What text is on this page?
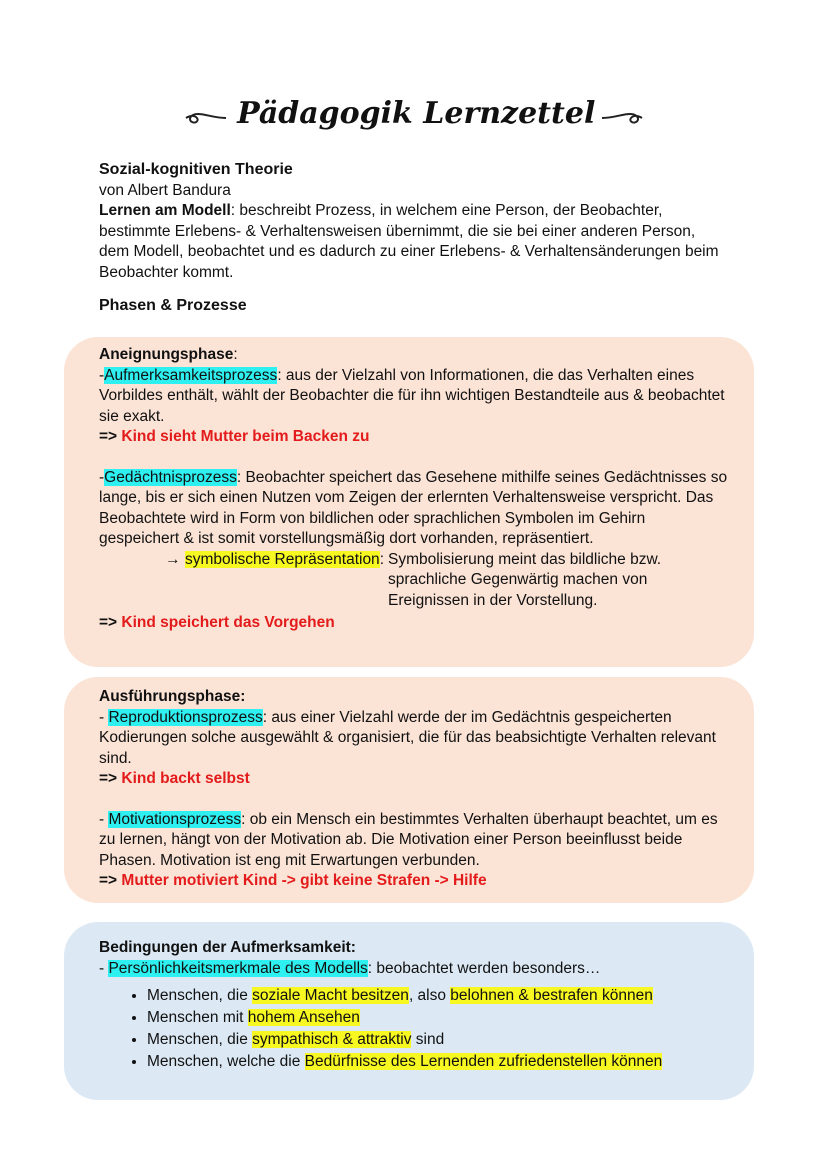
Pädagogik Lernzettel

Sozial-kognitiven Theorie

von Albert Bandura

Lernen am Modell: beschreibt Prozess, in welchem eine Person, der Beobachter, bestimmte Erlebens- & Verhaltensweisen übernimmt, die sie bei einer anderen Person, dem Modell, beobachtet und es dadurch zu einer Erlebens- & Verhaltensänderungen beim Beobachter kommt.

Phasen & Prozesse

Aneignungsphase:

-Aufmerksamkeitsprozess: aus der Vielzahl von Informationen, die das Verhalten eines Vorbildes enthält, wählt der Beobachter die für ihn wichtigen Bestandteile aus & beobachtet sie exakt.

=> Kind sieht Mutter beim Backen zu

-Gedächtnisprozess: Beobachter speichert das Gesehene mithilfe seines Gedächtnisses so lange, bis er sich einen Nutzen vom Zeigen der erlernten Verhaltensweise verspricht. Das Beobachtete wird in Form von bildlichen oder sprachlichen Symbolen im Gehirn gespeichert & ist somit vorstellungsmäßig dort vorhanden, repräsentiert.

→ symbolische Repräsentation: Symbolisierung meint das bildliche bzw. sprachliche Gegenwärtig machen von Ereignissen in der Vorstellung.

=> Kind speichert das Vorgehen

Ausführungsphase:

- Reproduktionsprozess: aus einer Vielzahl werde der im Gedächtnis gespeicherten Kodierungen solche ausgewählt & organisiert, die für das beabsichtigte Verhalten relevant sind.

=> Kind backt selbst

- Motivationsprozess: ob ein Mensch ein bestimmtes Verhalten überhaupt beachtet, um es zu lernen, hängt von der Motivation ab. Die Motivation einer Person beeinflusst beide Phasen. Motivation ist eng mit Erwartungen verbunden.

=> Mutter motiviert Kind -> gibt keine Strafen -> Hilfe

Bedingungen der Aufmerksamkeit:

- Persönlichkeitsmerkmale des Modells: beobachtet werden besonders…

• Menschen, die soziale Macht besitzen, also belohnen & bestrafen können
• Menschen mit hohem Ansehen
• Menschen, die sympathisch & attraktiv sind
• Menschen, welche die Bedürfnisse des Lernenden zufriedenstellen können
